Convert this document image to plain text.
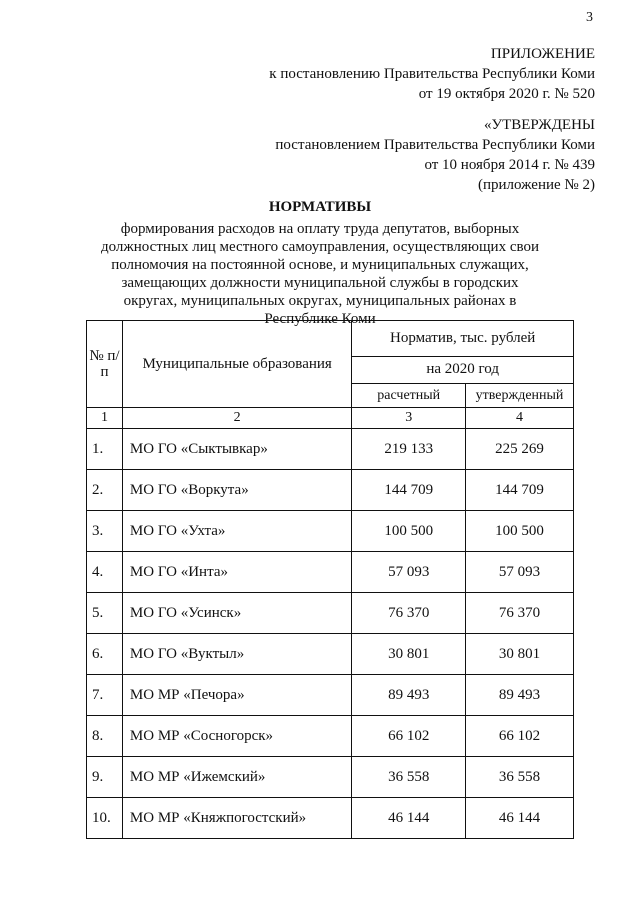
3
ПРИЛОЖЕНИЕ
к постановлению Правительства Республики Коми
от 19 октября 2020 г. № 520
«УТВЕРЖДЕНЫ
постановлением Правительства Республики Коми
от 10 ноября 2014 г. № 439
(приложение № 2)
НОРМАТИВЫ
формирования расходов на оплату труда депутатов, выборных должностных лиц местного самоуправления, осуществляющих свои полномочия на постоянной основе, и муниципальных служащих, замещающих должности муниципальной службы в городских округах, муниципальных округах, муниципальных районах в Республике Коми
№ п/п	Муниципальные образования	Норматив, тыс. рублей	
		на 2020 год	
		расчетный	утвержденный
1	2	3	4
1.	МО ГО «Сыктывкар»	219 133	225 269
2.	МО ГО «Воркута»	144 709	144 709
3.	МО ГО «Ухта»	100 500	100 500
4.	МО ГО «Инта»	57 093	57 093
5.	МО ГО «Усинск»	76 370	76 370
6.	МО ГО «Вуктыл»	30 801	30 801
7.	МО МР «Печора»	89 493	89 493
8.	МО МР «Сосногорск»	66 102	66 102
9.	МО МР «Ижемский»	36 558	36 558
10.	МО МР «Княжпогостский»	46 144	46 144
